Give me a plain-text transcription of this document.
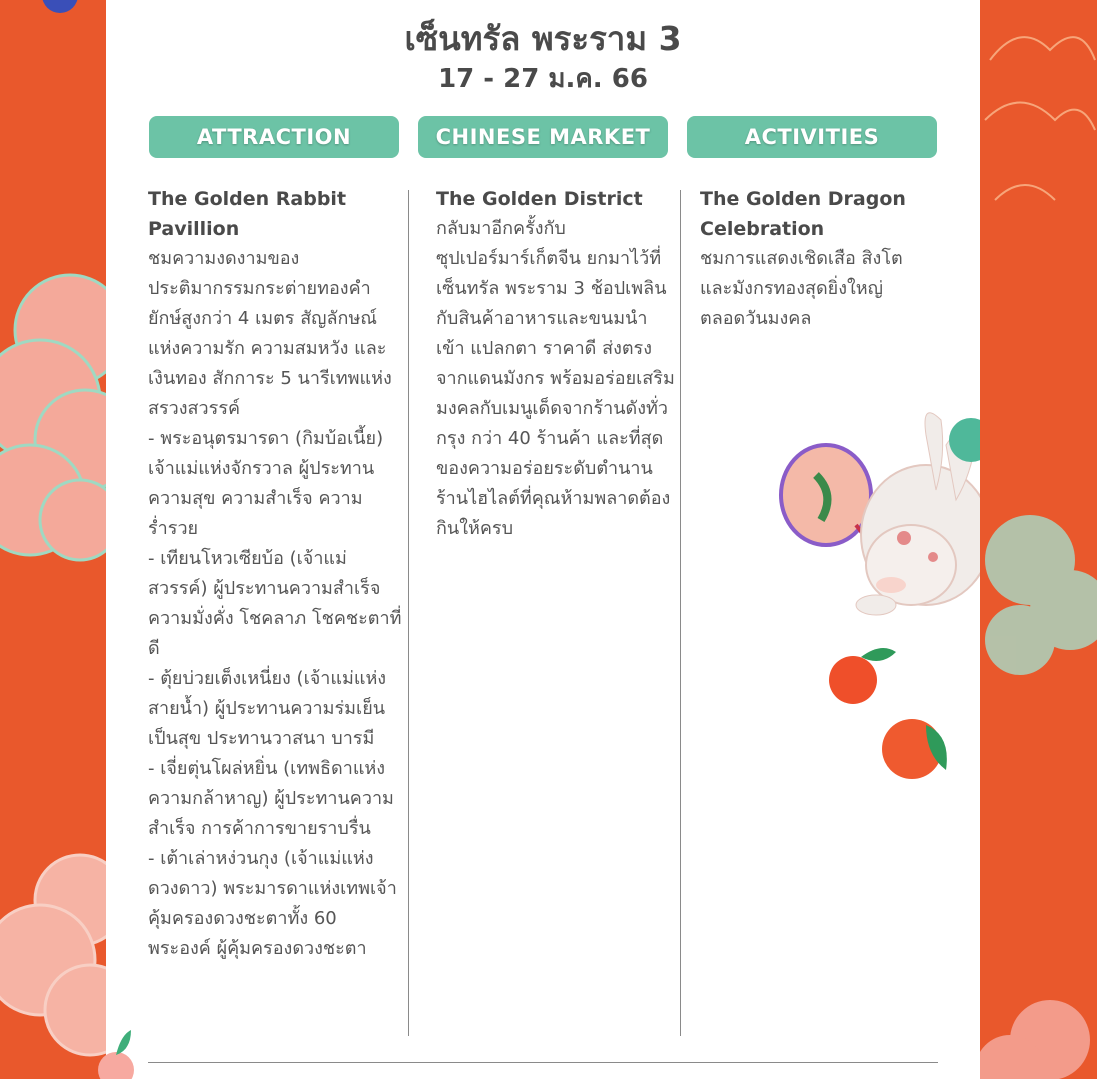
เซ็นทรัล พระราม 3
17 - 27 ม.ค. 66
ATTRACTION	CHINESE MARKET	ACTIVITIES
The Golden Rabbit Pavillion
ชมความงดงามของประติมากรรมกระต่ายทองคำยักษ์สูงกว่า 4 เมตร สัญลักษณ์แห่งความรัก ความสมหวัง และเงินทอง สักการะ 5 นารีเทพแห่งสรวงสวรรค์
- พระอนุตรมารดา (กิมบ้อเนี้ย) เจ้าแม่แห่งจักรวาล ผู้ประทานความสุข ความสำเร็จ ความร่ำรวย
- เทียนโหวเซียบ้อ (เจ้าแม่สวรรค์) ผู้ประทานความสำเร็จ ความมั่งคั่ง โชคลาภ โชคชะตาที่ดี
- ตุ้ยบ่วยเต็งเหนี่ยง (เจ้าแม่แห่งสายน้ำ) ผู้ประทานความร่มเย็นเป็นสุข ประทานวาสนา บารมี
- เจี่ยตุ่นโผล่หยิ่น (เทพธิดาแห่งความกล้าหาญ) ผู้ประทานความสำเร็จ การค้าการขายราบรื่น
- เต้าเล่าหง่วนกุง (เจ้าแม่แห่งดวงดาว) พระมารดาแห่งเทพเจ้าคุ้มครองดวงชะตาทั้ง 60 พระองค์ ผู้คุ้มครองดวงชะตา
The Golden District
กลับมาอีกครั้งกับซุปเปอร์มาร์เก็ตจีน ยกมาไว้ที่ เซ็นทรัล พระราม 3 ช้อปเพลินกับสินค้าอาหารและขนมนำเข้า แปลกตา ราคาดี ส่งตรงจากแดนมังกร พร้อมอร่อยเสริมมงคลกับเมนูเด็ดจากร้านดังทั่วกรุง กว่า 40 ร้านค้า และที่สุดของความอร่อยระดับตำนาน ร้านไฮไลต์ที่คุณห้ามพลาดต้องกินให้ครบ
The Golden Dragon Celebration
ชมการแสดงเชิดเสือ สิงโต และมังกรทองสุดยิ่งใหญ่ ตลอดวันมงคล
